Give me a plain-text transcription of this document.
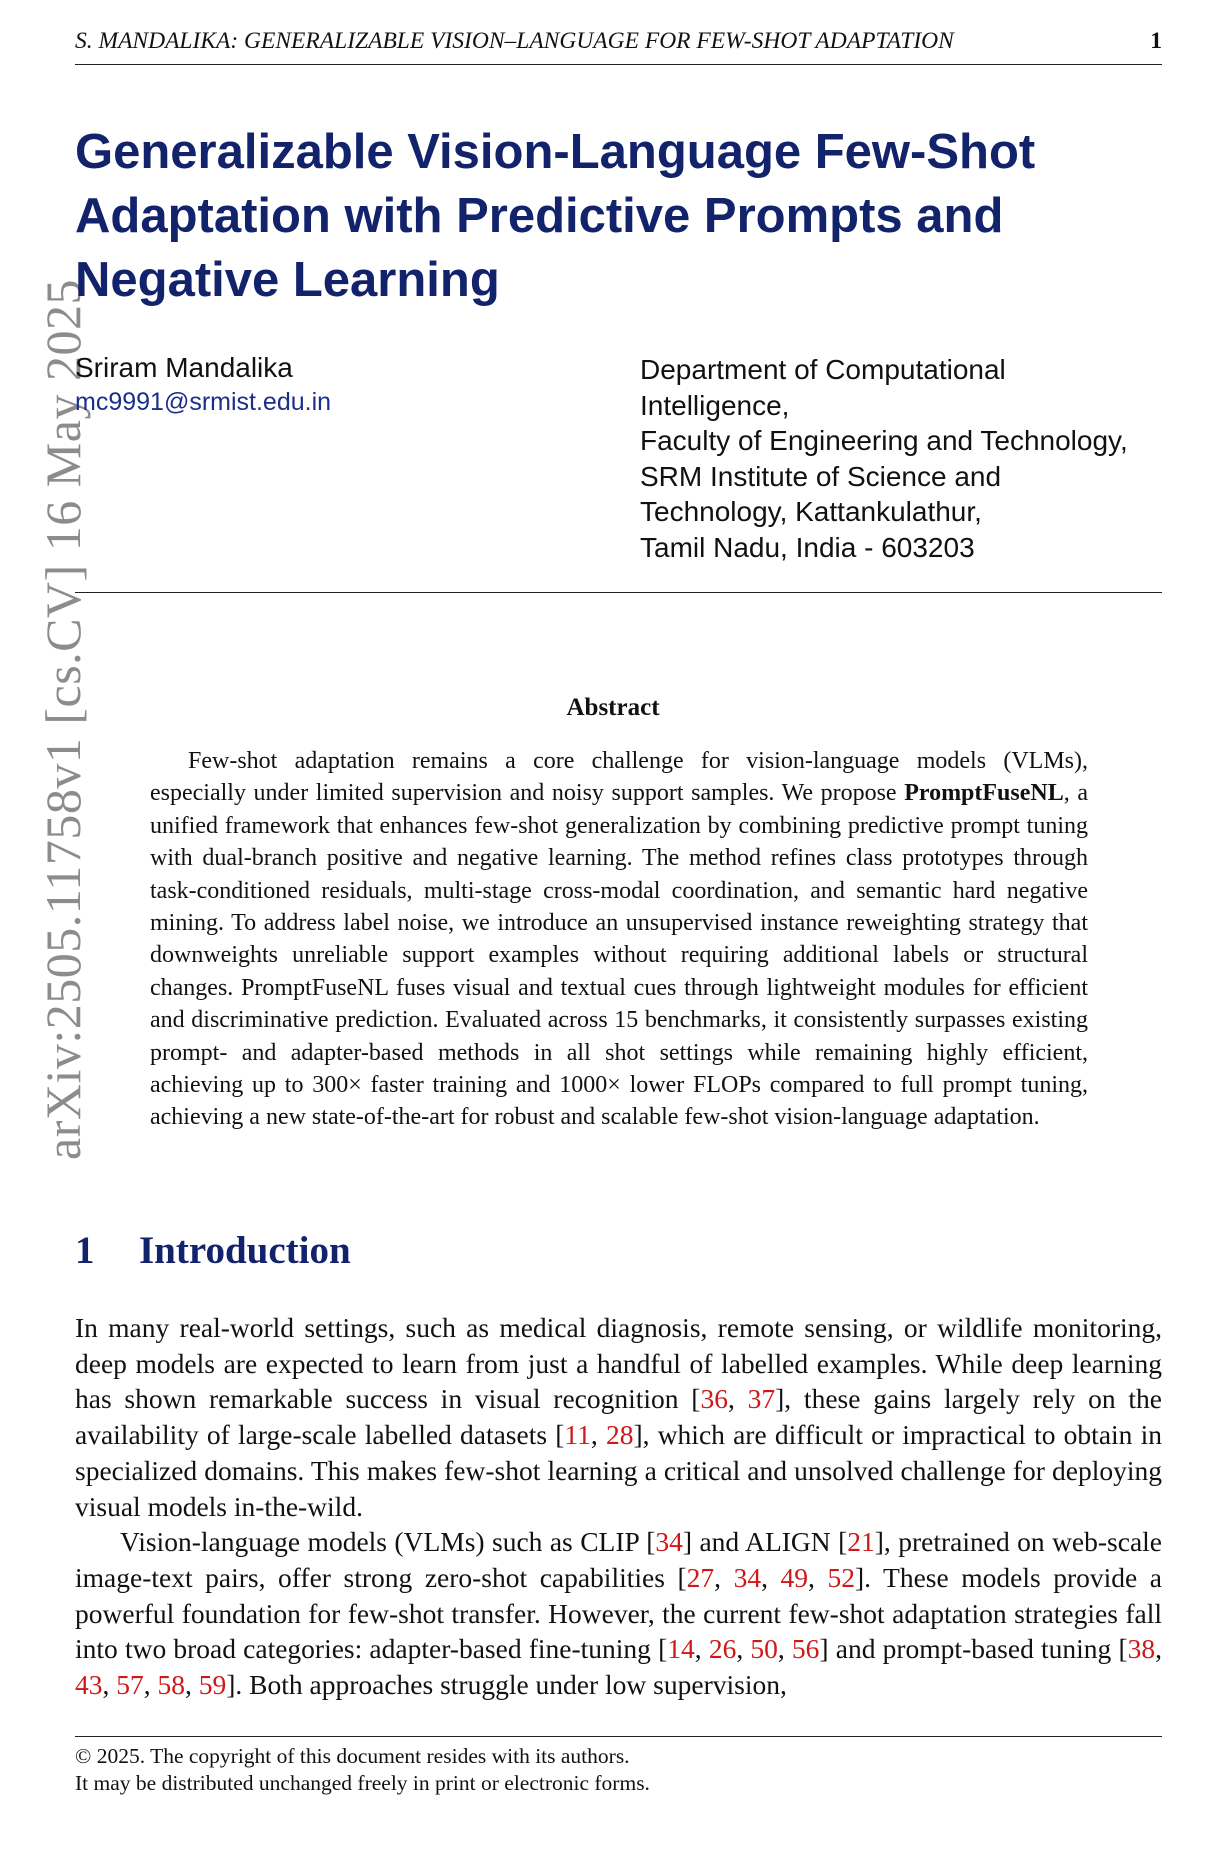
S. MANDALIKA: GENERALIZABLE VISION–LANGUAGE FOR FEW-SHOT ADAPTATION	1
arXiv:2505.11758v1 [cs.CV] 16 May 2025
Generalizable Vision-Language Few-Shot Adaptation with Predictive Prompts and Negative Learning
Sriram Mandalika
mc9991@srmist.edu.in
Department of Computational
Intelligence,
Faculty of Engineering and Technology,
SRM Institute of Science and
Technology, Kattankulathur,
Tamil Nadu, India - 603203
Abstract
Few-shot adaptation remains a core challenge for vision-language models (VLMs), especially under limited supervision and noisy support samples. We propose PromptFuseNL, a unified framework that enhances few-shot generalization by combining predictive prompt tuning with dual-branch positive and negative learning. The method refines class prototypes through task-conditioned residuals, multi-stage cross-modal coordination, and semantic hard negative mining. To address label noise, we introduce an unsupervised instance reweighting strategy that downweights unreliable support examples without requiring additional labels or structural changes. PromptFuseNL fuses visual and textual cues through lightweight modules for efficient and discriminative prediction. Evaluated across 15 benchmarks, it consistently surpasses existing prompt- and adapter-based methods in all shot settings while remaining highly efficient, achieving up to 300× faster training and 1000× lower FLOPs compared to full prompt tuning, achieving a new state-of-the-art for robust and scalable few-shot vision-language adaptation.
1 Introduction

In many real-world settings, such as medical diagnosis, remote sensing, or wildlife monitoring, deep models are expected to learn from just a handful of labelled examples. While deep learning has shown remarkable success in visual recognition [36, 37], these gains largely rely on the availability of large-scale labelled datasets [11, 28], which are difficult or impractical to obtain in specialized domains. This makes few-shot learning a critical and unsolved challenge for deploying visual models in-the-wild.

Vision-language models (VLMs) such as CLIP [34] and ALIGN [21], pretrained on web-scale image-text pairs, offer strong zero-shot capabilities [27, 34, 49, 52]. These models provide a powerful foundation for few-shot transfer. However, the current few-shot adaptation strategies fall into two broad categories: adapter-based fine-tuning [14, 26, 50, 56] and prompt-based tuning [38, 43, 57, 58, 59]. Both approaches struggle under low supervision,

© 2025. The copyright of this document resides with its authors.
It may be distributed unchanged freely in print or electronic forms.
